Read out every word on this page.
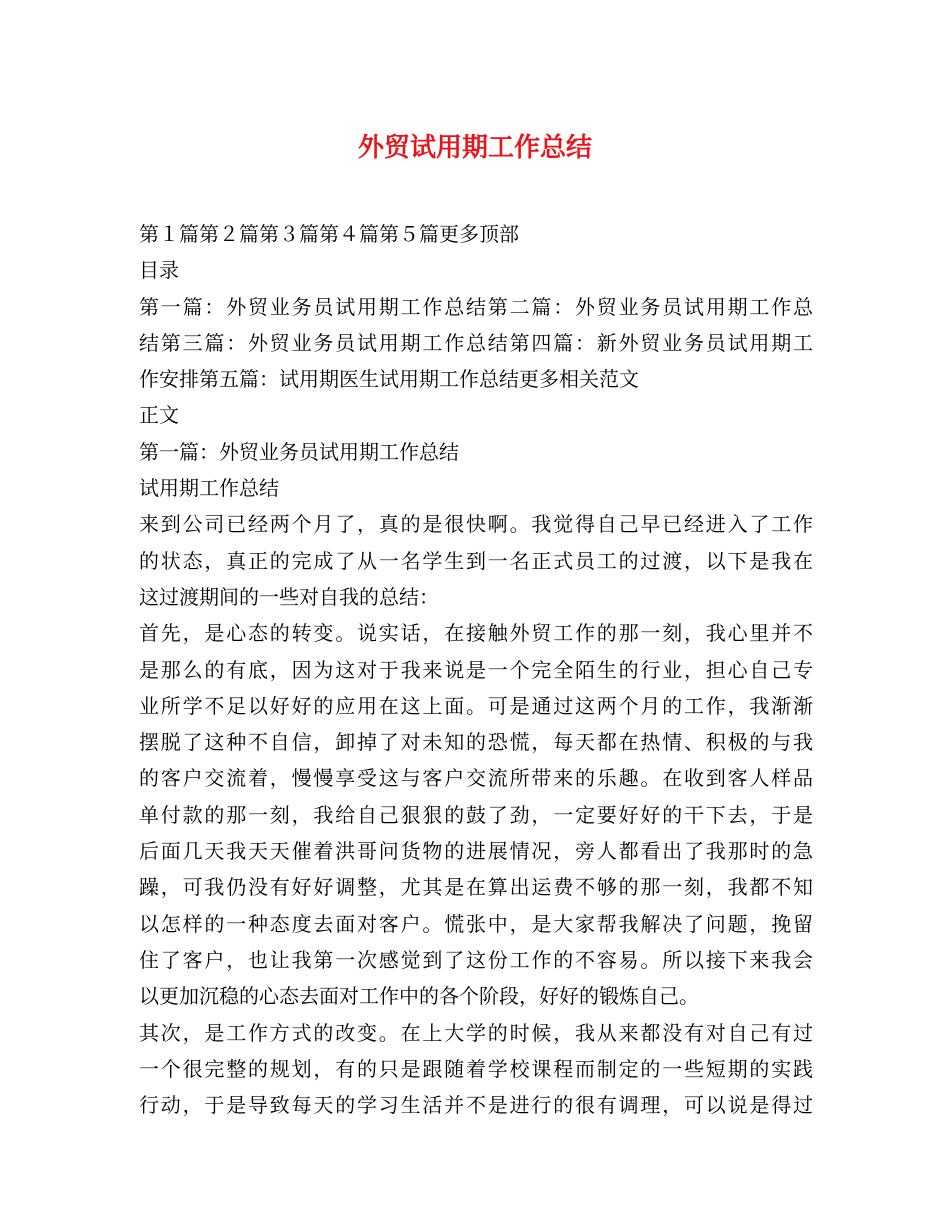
外贸试用期工作总结
第１篇第２篇第３篇第４篇第５篇更多顶部
目录
第一篇：外贸业务员试用期工作总结第二篇：外贸业务员试用期工作总
结第三篇：外贸业务员试用期工作总结第四篇：新外贸业务员试用期工
作安排第五篇：试用期医生试用期工作总结更多相关范文
正文
第一篇：外贸业务员试用期工作总结
试用期工作总结
来到公司已经两个月了，真的是很快啊。我觉得自己早已经进入了工作
的状态，真正的完成了从一名学生到一名正式员工的过渡，以下是我在
这过渡期间的一些对自我的总结：
首先，是心态的转变。说实话，在接触外贸工作的那一刻，我心里并不
是那么的有底，因为这对于我来说是一个完全陌生的行业，担心自己专
业所学不足以好好的应用在这上面。可是通过这两个月的工作，我渐渐
摆脱了这种不自信，卸掉了对未知的恐慌，每天都在热情、积极的与我
的客户交流着，慢慢享受这与客户交流所带来的乐趣。在收到客人样品
单付款的那一刻，我给自己狠狠的鼓了劲，一定要好好的干下去，于是
后面几天我天天催着洪哥问货物的进展情况，旁人都看出了我那时的急
躁，可我仍没有好好调整，尤其是在算出运费不够的那一刻，我都不知
以怎样的一种态度去面对客户。慌张中，是大家帮我解决了问题，挽留
住了客户，也让我第一次感觉到了这份工作的不容易。所以接下来我会
以更加沉稳的心态去面对工作中的各个阶段，好好的锻炼自己。
其次，是工作方式的改变。在上大学的时候，我从来都没有对自己有过
一个很完整的规划，有的只是跟随着学校课程而制定的一些短期的实践
行动，于是导致每天的学习生活并不是进行的很有调理，可以说是得过
